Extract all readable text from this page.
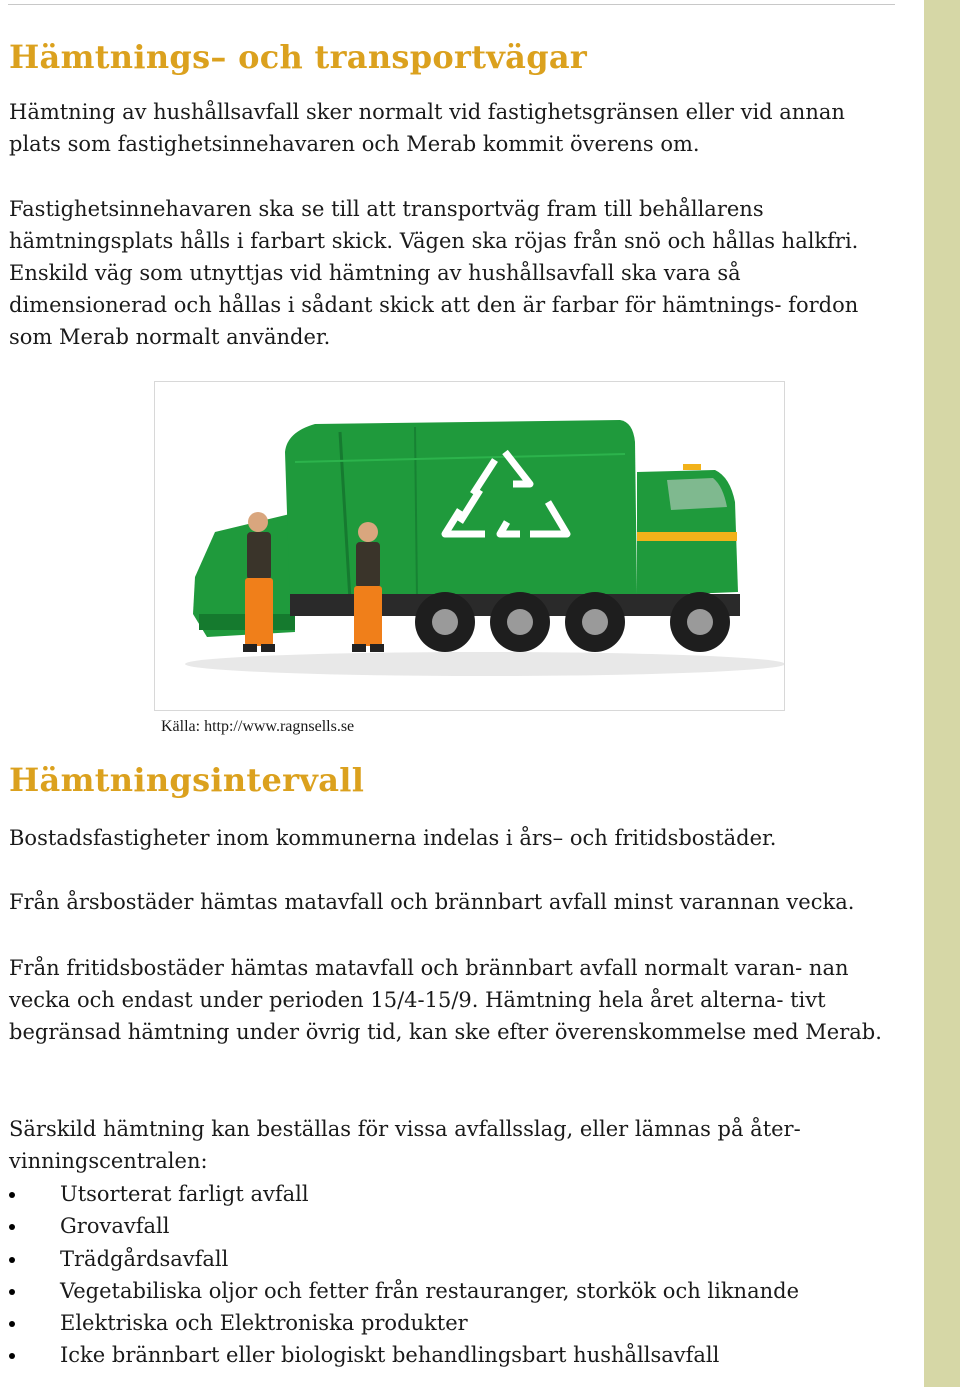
Hämtnings– och transportvägar

Hämtning av hushållsavfall sker normalt vid fastighetsgränsen eller vid annan plats som fastighetsinnehavaren och Merab kommit överens om.

Fastighetsinnehavaren ska se till att transportväg fram till behållarens hämtningsplats hålls i farbart skick. Vägen ska röjas från snö och hållas halkfri. Enskild väg som utnyttjas vid hämtning av hushållsavfall ska vara så dimensionerad och hållas i sådant skick att den är farbar för hämtnings- fordon som Merab normalt använder.

Hämtningsintervall

Bostadsfastigheter inom kommunerna indelas i års– och fritidsbostäder.

Från årsbostäder hämtas matavfall och brännbart avfall minst varannan vecka.

Från fritidsbostäder hämtas matavfall och brännbart avfall normalt varan- nan vecka och endast under perioden 15/4-15/9. Hämtning hela året alterna- tivt begränsad hämtning under övrig tid, kan ske efter överenskommelse med Merab.

Särskild hämtning kan beställas för vissa avfallsslag, eller lämnas på åter- vinningscentralen:

Utsorterat farligt avfall
Grovavfall
Trädgårdsavfall
Vegetabiliska oljor och fetter från restauranger, storkök och liknande
Elektriska och Elektroniska produkter
Icke brännbart eller biologiskt behandlingsbart hushållsavfall
Källa: http://www.ragnsells.se
